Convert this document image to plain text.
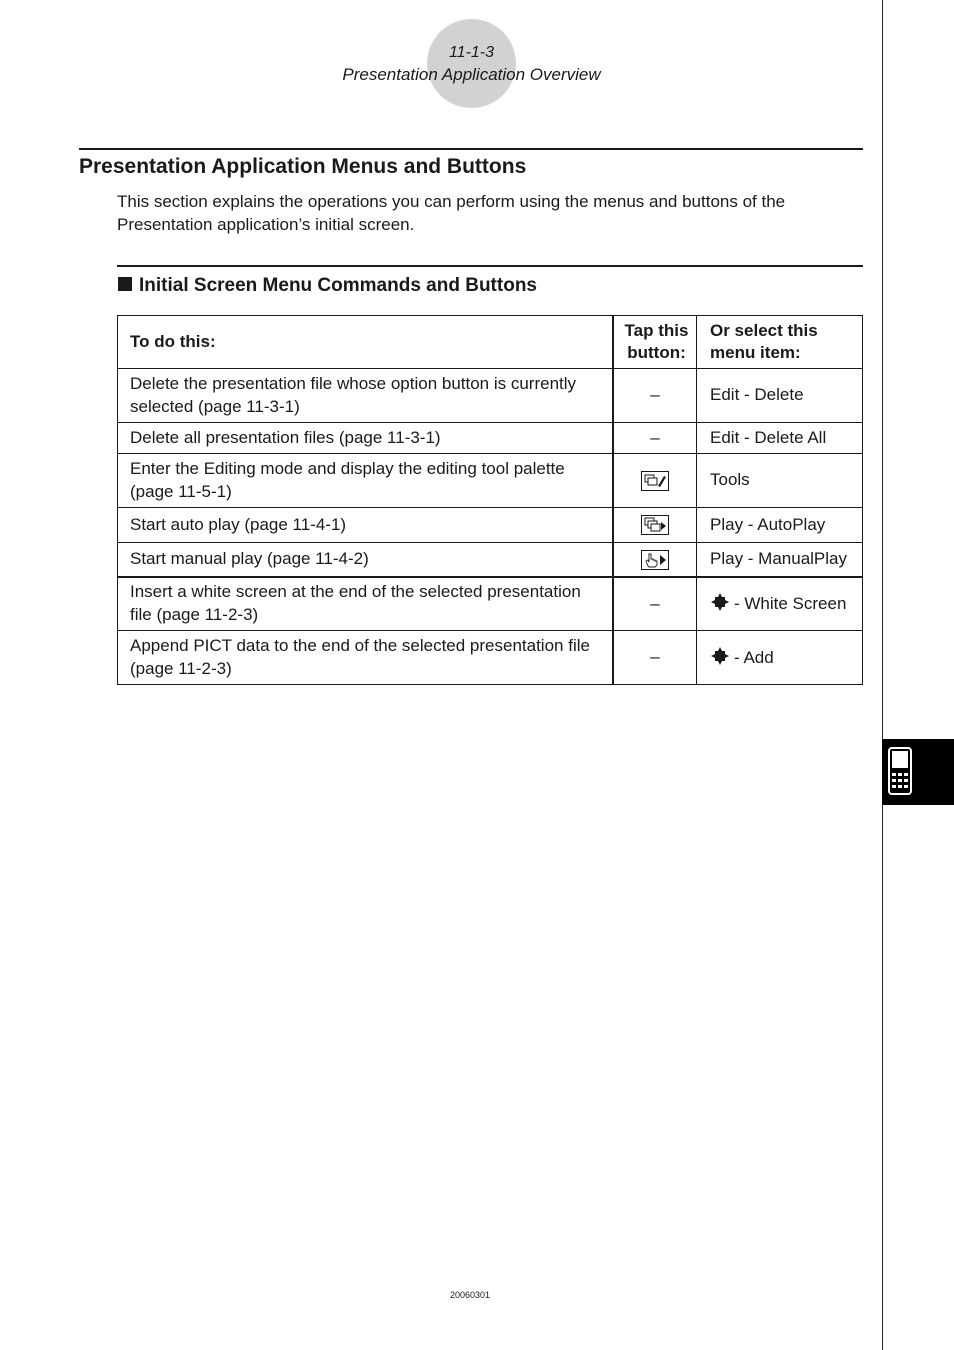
11-1-3
Presentation Application Overview
Presentation Application Menus and Buttons

This section explains the operations you can perform using the menus and buttons of the Presentation application’s initial screen.

Initial Screen Menu Commands and Buttons
To do this:	Tap this button:	Or select this menu item:
Delete the presentation file whose option button is currently selected (page 11-3-1)	–	Edit - Delete
Delete all presentation files (page 11-3-1)	–	Edit - Delete All
Enter the Editing mode and display the editing tool palette (page 11-5-1)		Tools
Start auto play (page 11-4-1)		Play - AutoPlay
Start manual play (page 11-4-2)		Play - ManualPlay
Insert a white screen at the end of the selected presentation file (page 11-2-3)	–	- White Screen
Append PICT data to the end of the selected presentation file (page 11-2-3)	–	- Add
20060301
